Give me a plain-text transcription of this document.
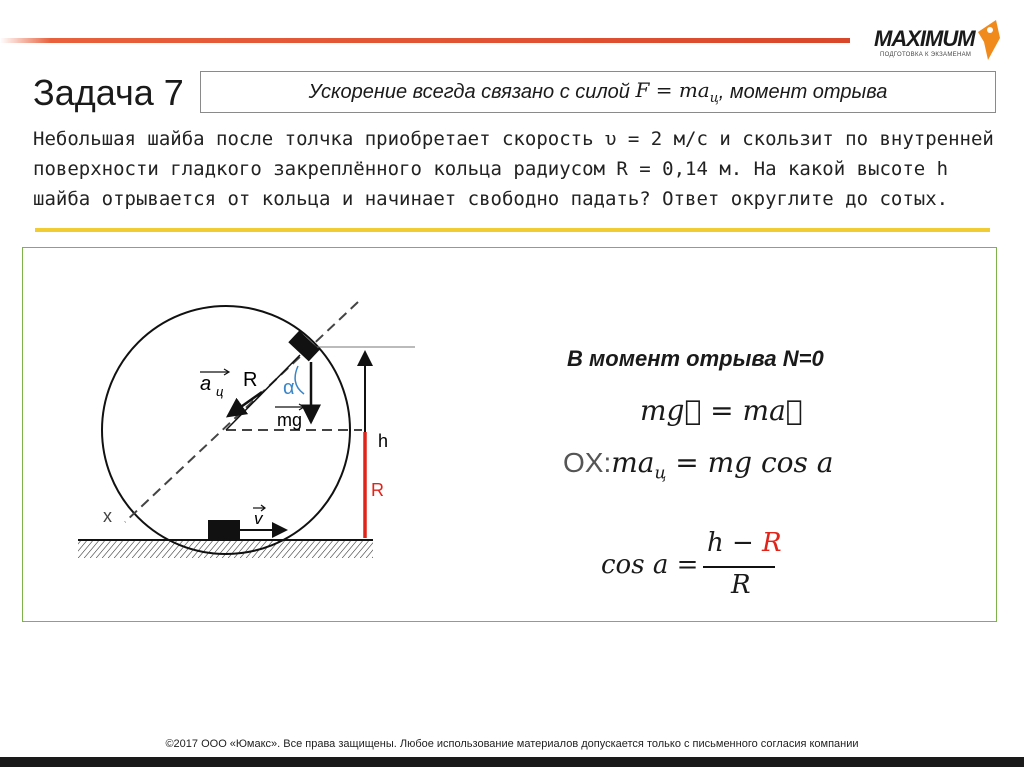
MAXIMUM
ПОДГОТОВКА К ЭКЗАМЕНАМ
Задача 7	Ускорение всегда связано с силой
$F = ma_ц$ , момент отрыва
Небольшая шайба после толчка приобретает скорость υ = 2 м/с и скользит по внутренней поверхности гладкого закреплённого кольца радиусом R = 0,14 м. На какой высоте h шайба отрывается от кольца и начинает свободно падать? Ответ округлите до сотых.
a ц
R α
mg
h
R
x	v
В момент отрыва N=0
mg⃗ = ma⃗
$OX:ma_ц$ = mg cos a
cos a =
h − R
R
©2017 ООО «Юмакс». Все права защищены. Любое использование материалов допускается только с письменного согласия компании
